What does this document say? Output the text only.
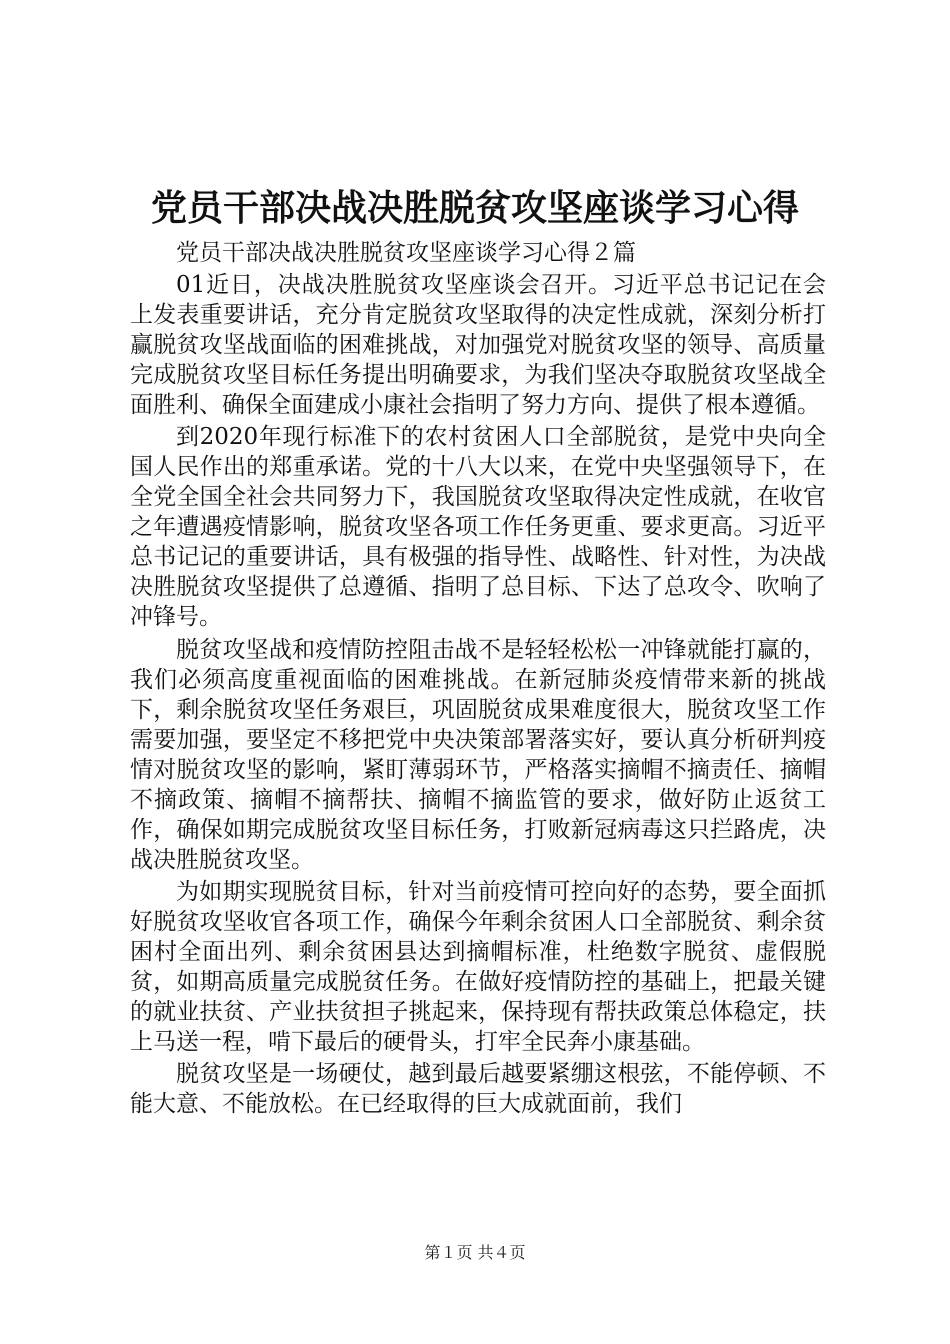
党员干部决战决胜脱贫攻坚座谈学习心得

党员干部决战决胜脱贫攻坚座谈学习心得２篇

01近日，决战决胜脱贫攻坚座谈会召开。习近平总书记记在会上发表重要讲话，充分肯定脱贫攻坚取得的决定性成就，深刻分析打赢脱贫攻坚战面临的困难挑战，对加强党对脱贫攻坚的领导、高质量完成脱贫攻坚目标任务提出明确要求，为我们坚决夺取脱贫攻坚战全面胜利、确保全面建成小康社会指明了努力方向、提供了根本遵循。

到2020年现行标准下的农村贫困人口全部脱贫，是党中央向全国人民作出的郑重承诺。党的十八大以来，在党中央坚强领导下，在全党全国全社会共同努力下，我国脱贫攻坚取得决定性成就，在收官之年遭遇疫情影响，脱贫攻坚各项工作任务更重、要求更高。习近平总书记记的重要讲话，具有极强的指导性、战略性、针对性，为决战决胜脱贫攻坚提供了总遵循、指明了总目标、下达了总攻令、吹响了冲锋号。

脱贫攻坚战和疫情防控阻击战不是轻轻松松一冲锋就能打赢的，我们必须高度重视面临的困难挑战。在新冠肺炎疫情带来新的挑战下，剩余脱贫攻坚任务艰巨，巩固脱贫成果难度很大，脱贫攻坚工作需要加强，要坚定不移把党中央决策部署落实好，要认真分析研判疫情对脱贫攻坚的影响，紧盯薄弱环节，严格落实摘帽不摘责任、摘帽不摘政策、摘帽不摘帮扶、摘帽不摘监管的要求，做好防止返贫工作，确保如期完成脱贫攻坚目标任务，打败新冠病毒这只拦路虎，决战决胜脱贫攻坚。

为如期实现脱贫目标，针对当前疫情可控向好的态势，要全面抓好脱贫攻坚收官各项工作，确保今年剩余贫困人口全部脱贫、剩余贫困村全面出列、剩余贫困县达到摘帽标准，杜绝数字脱贫、虚假脱贫，如期高质量完成脱贫任务。在做好疫情防控的基础上，把最关键的就业扶贫、产业扶贫担子挑起来，保持现有帮扶政策总体稳定，扶上马送一程，啃下最后的硬骨头，打牢全民奔小康基础。

脱贫攻坚是一场硬仗，越到最后越要紧绷这根弦，不能停顿、不能大意、不能放松。在已经取得的巨大成就面前，我们

第１页 共４页
